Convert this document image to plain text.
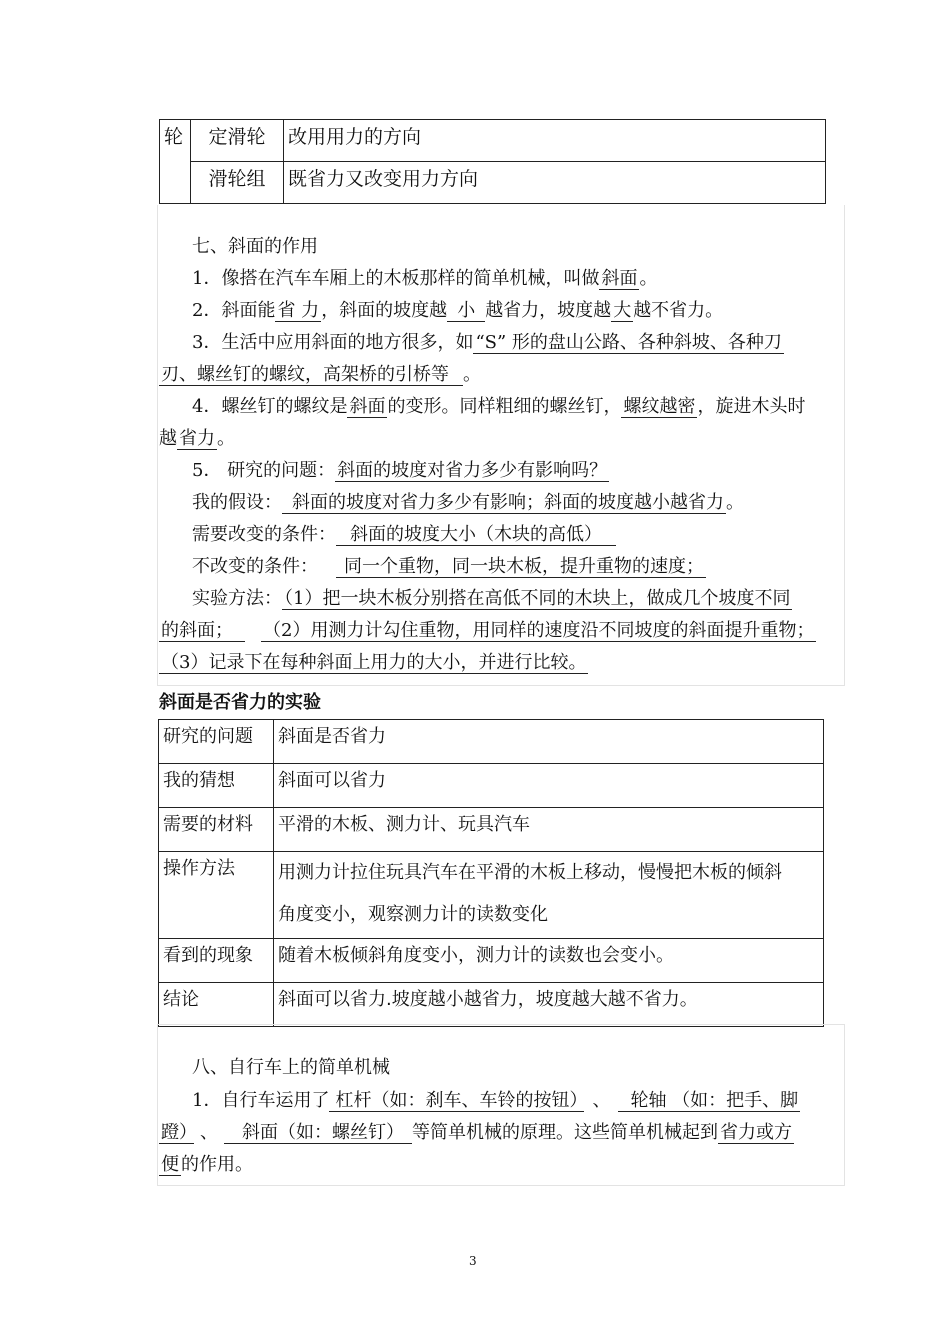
轮	定滑轮	改用用力的方向
	滑轮组	既省力又改变用力方向
七、斜面的作用
1．像搭在汽车车厢上的木板那样的简单机械，叫做 斜面 。
2．斜面能 省 力 ，斜面的坡度越 小 越省力，坡度越 大 越不省力。
3．生活中应用斜面的地方很多，如 “S” 形的盘山公路、各种斜坡、各种刀
刃、螺丝钉的螺纹，高架桥的引桥等 。
4．螺丝钉的螺纹是 斜面 的变形。同样粗细的螺丝钉， 螺纹越密 ，旋进木头时
越 省力 。
5． 研究的问题： 斜面的坡度对省力多少有影响吗？
我的假设： 斜面的坡度对省力多少有影响；斜面的坡度越小越省力 。
需要改变的条件： 斜面的坡度大小（木块的高低）
不改变的条件： 同一个重物，同一块木板，提升重物的速度；
实验方法： （1）把一块木板分别搭在高低不同的木块上，做成几个坡度不同
的斜面； （2）用测力计勾住重物，用同样的速度沿不同坡度的斜面提升重物；
（3）记录下在每种斜面上用力的大小，并进行比较。
斜面是否省力的实验
研究的问题	斜面是否省力
我的猜想	斜面可以省力
需要的材料	平滑的木板、测力计、玩具汽车
操作方法	用测力计拉住玩具汽车在平滑的木板上移动，慢慢把木板的倾斜
角度变小，观察测力计的读数变化

看到的现象	随着木板倾斜角度变小，测力计的读数也会变小。
结论	斜面可以省力.坡度越小越省力，坡度越大越不省力。
八、自行车上的简单机械
1．自行车运用了 杠杆（如：刹车、车铃的按钮） 、 轮轴 （如：把手、脚
蹬） 、 斜面（如：螺丝钉） 等简单机械的原理。这些简单机械起到 省力或方
便 的作用。
3
